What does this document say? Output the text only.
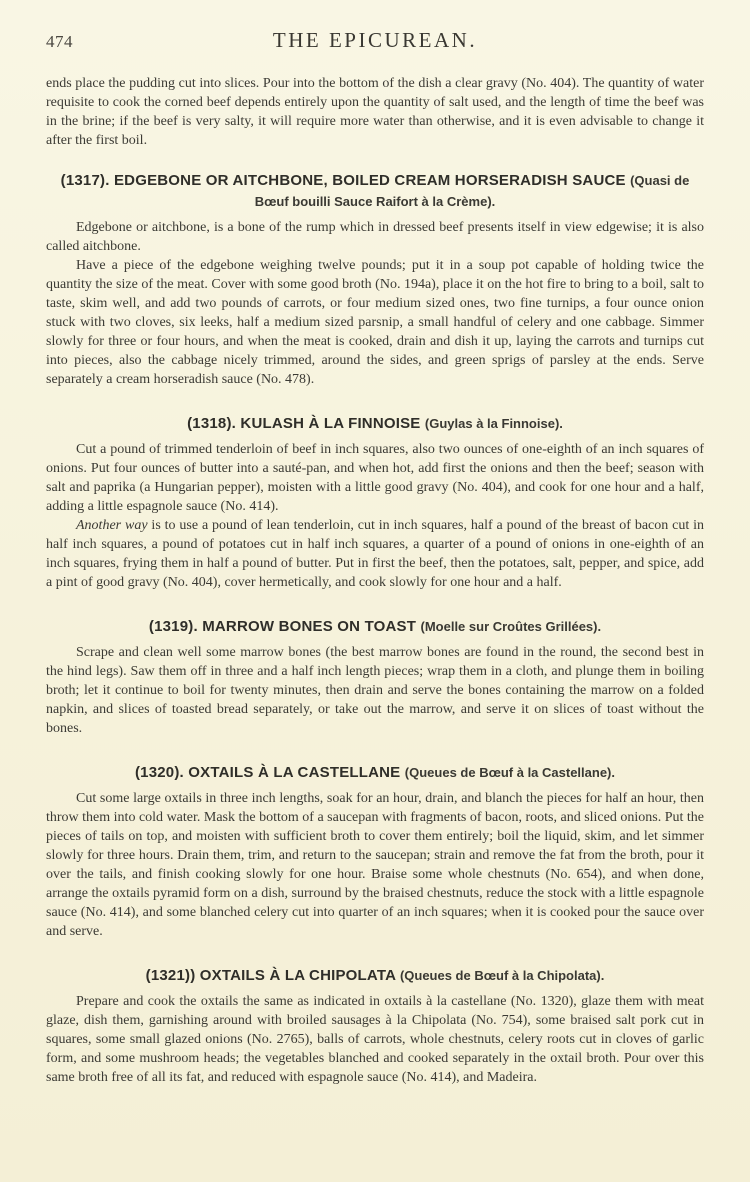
474	THE EPICUREAN.

ends place the pudding cut into slices. Pour into the bottom of the dish a clear gravy (No. 404). The quantity of water requisite to cook the corned beef depends entirely upon the quantity of salt used, and the length of time the beef was in the brine; if the beef is very salty, it will require more water than otherwise, and it is even advisable to change it after the first boil.

(1317). EDGEBONE OR AITCHBONE, BOILED CREAM HORSERADISH SAUCE (Quasi de Bœuf bouilli Sauce Raifort à la Crème).

Edgebone or aitchbone, is a bone of the rump which in dressed beef presents itself in view edgewise; it is also called aitchbone.

Have a piece of the edgebone weighing twelve pounds; put it in a soup pot capable of holding twice the quantity the size of the meat. Cover with some good broth (No. 194a), place it on the hot fire to bring to a boil, salt to taste, skim well, and add two pounds of carrots, or four medium sized ones, two fine turnips, a four ounce onion stuck with two cloves, six leeks, half a medium sized parsnip, a small handful of celery and one cabbage. Simmer slowly for three or four hours, and when the meat is cooked, drain and dish it up, laying the carrots and turnips cut into pieces, also the cabbage nicely trimmed, around the sides, and green sprigs of parsley at the ends. Serve separately a cream horseradish sauce (No. 478).

(1318). KULASH À LA FINNOISE (Guylas à la Finnoise).

Cut a pound of trimmed tenderloin of beef in inch squares, also two ounces of one-eighth of an inch squares of onions. Put four ounces of butter into a sauté-pan, and when hot, add first the onions and then the beef; season with salt and paprika (a Hungarian pepper), moisten with a little good gravy (No. 404), and cook for one hour and a half, adding a little espagnole sauce (No. 414).

Another way is to use a pound of lean tenderloin, cut in inch squares, half a pound of the breast of bacon cut in half inch squares, a pound of potatoes cut in half inch squares, a quarter of a pound of onions in one-eighth of an inch squares, frying them in half a pound of butter. Put in first the beef, then the potatoes, salt, pepper, and spice, add a pint of good gravy (No. 404), cover hermetically, and cook slowly for one hour and a half.

(1319). MARROW BONES ON TOAST (Moelle sur Croûtes Grillées).

Scrape and clean well some marrow bones (the best marrow bones are found in the round, the second best in the hind legs). Saw them off in three and a half inch length pieces; wrap them in a cloth, and plunge them in boiling broth; let it continue to boil for twenty minutes, then drain and serve the bones containing the marrow on a folded napkin, and slices of toasted bread separately, or take out the marrow, and serve it on slices of toast without the bones.

(1320). OXTAILS À LA CASTELLANE (Queues de Bœuf à la Castellane).

Cut some large oxtails in three inch lengths, soak for an hour, drain, and blanch the pieces for half an hour, then throw them into cold water. Mask the bottom of a saucepan with fragments of bacon, roots, and sliced onions. Put the pieces of tails on top, and moisten with sufficient broth to cover them entirely; boil the liquid, skim, and let simmer slowly for three hours. Drain them, trim, and return to the saucepan; strain and remove the fat from the broth, pour it over the tails, and finish cooking slowly for one hour. Braise some whole chestnuts (No. 654), and when done, arrange the oxtails pyramid form on a dish, surround by the braised chestnuts, reduce the stock with a little espagnole sauce (No. 414), and some blanched celery cut into quarter of an inch squares; when it is cooked pour the sauce over and serve.

(1321)) OXTAILS À LA CHIPOLATA (Queues de Bœuf à la Chipolata).

Prepare and cook the oxtails the same as indicated in oxtails à la castellane (No. 1320), glaze them with meat glaze, dish them, garnishing around with broiled sausages à la Chipolata (No. 754), some braised salt pork cut in squares, some small glazed onions (No. 2765), balls of carrots, whole chestnuts, celery roots cut in cloves of garlic form, and some mushroom heads; the vegetables blanched and cooked separately in the oxtail broth. Pour over this same broth free of all its fat, and reduced with espagnole sauce (No. 414), and Madeira.
